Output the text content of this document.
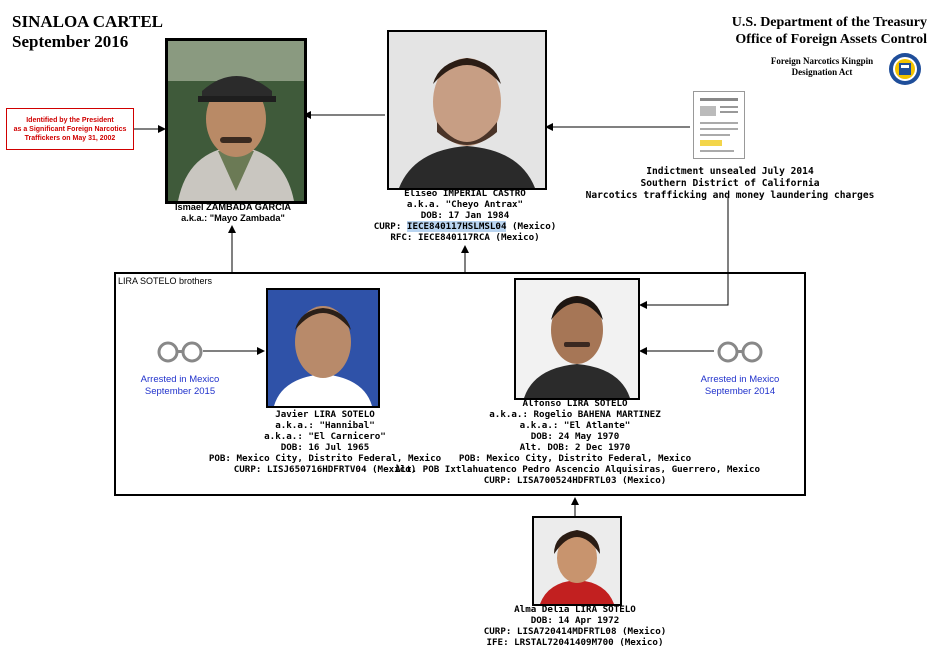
SINALOA CARTEL
September 2016
U.S. Department of the Treasury
Office of Foreign Assets Control
Foreign Narcotics Kingpin
Designation Act
Identified by the President
as a Significant Foreign Narcotics
Traffickers on May 31, 2002
Ismael ZAMBADA GARCIA
a.k.a.: "Mayo Zambada"
Eliseo IMPERIAL CASTRO
a.k.a. "Cheyo Antrax"
DOB: 17 Jan 1984
CURP: IECE840117HSLMSL04 (Mexico)
RFC: IECE840117RCA (Mexico)
Indictment unsealed July 2014
Southern District of California
Narcotics trafficking and money laundering charges
LIRA SOTELO brothers
Arrested in Mexico
September 2015
Javier LIRA SOTELO
a.k.a.: "Hannibal"
a.k.a.: "El Carnicero"
DOB: 16 Jul 1965
POB: Mexico City, Distrito Federal, Mexico
CURP: LISJ650716HDFRTV04 (Mexico)
Alfonso LIRA SOTELO
a.k.a.: Rogelio BAHENA MARTINEZ
a.k.a.: "El Atlante"
DOB: 24 May 1970
Alt. DOB: 2 Dec 1970
POB: Mexico City, Distrito Federal, Mexico
Alt. POB Ixtlahuatenco Pedro Ascencio Alquisiras, Guerrero, Mexico
CURP: LISA700524HDFRTL03 (Mexico)
Arrested in Mexico
September 2014
Alma Delia LIRA SOTELO
DOB: 14 Apr 1972
CURP: LISA720414MDFRTL08 (Mexico)
IFE: LRSTAL72041409M700 (Mexico)
